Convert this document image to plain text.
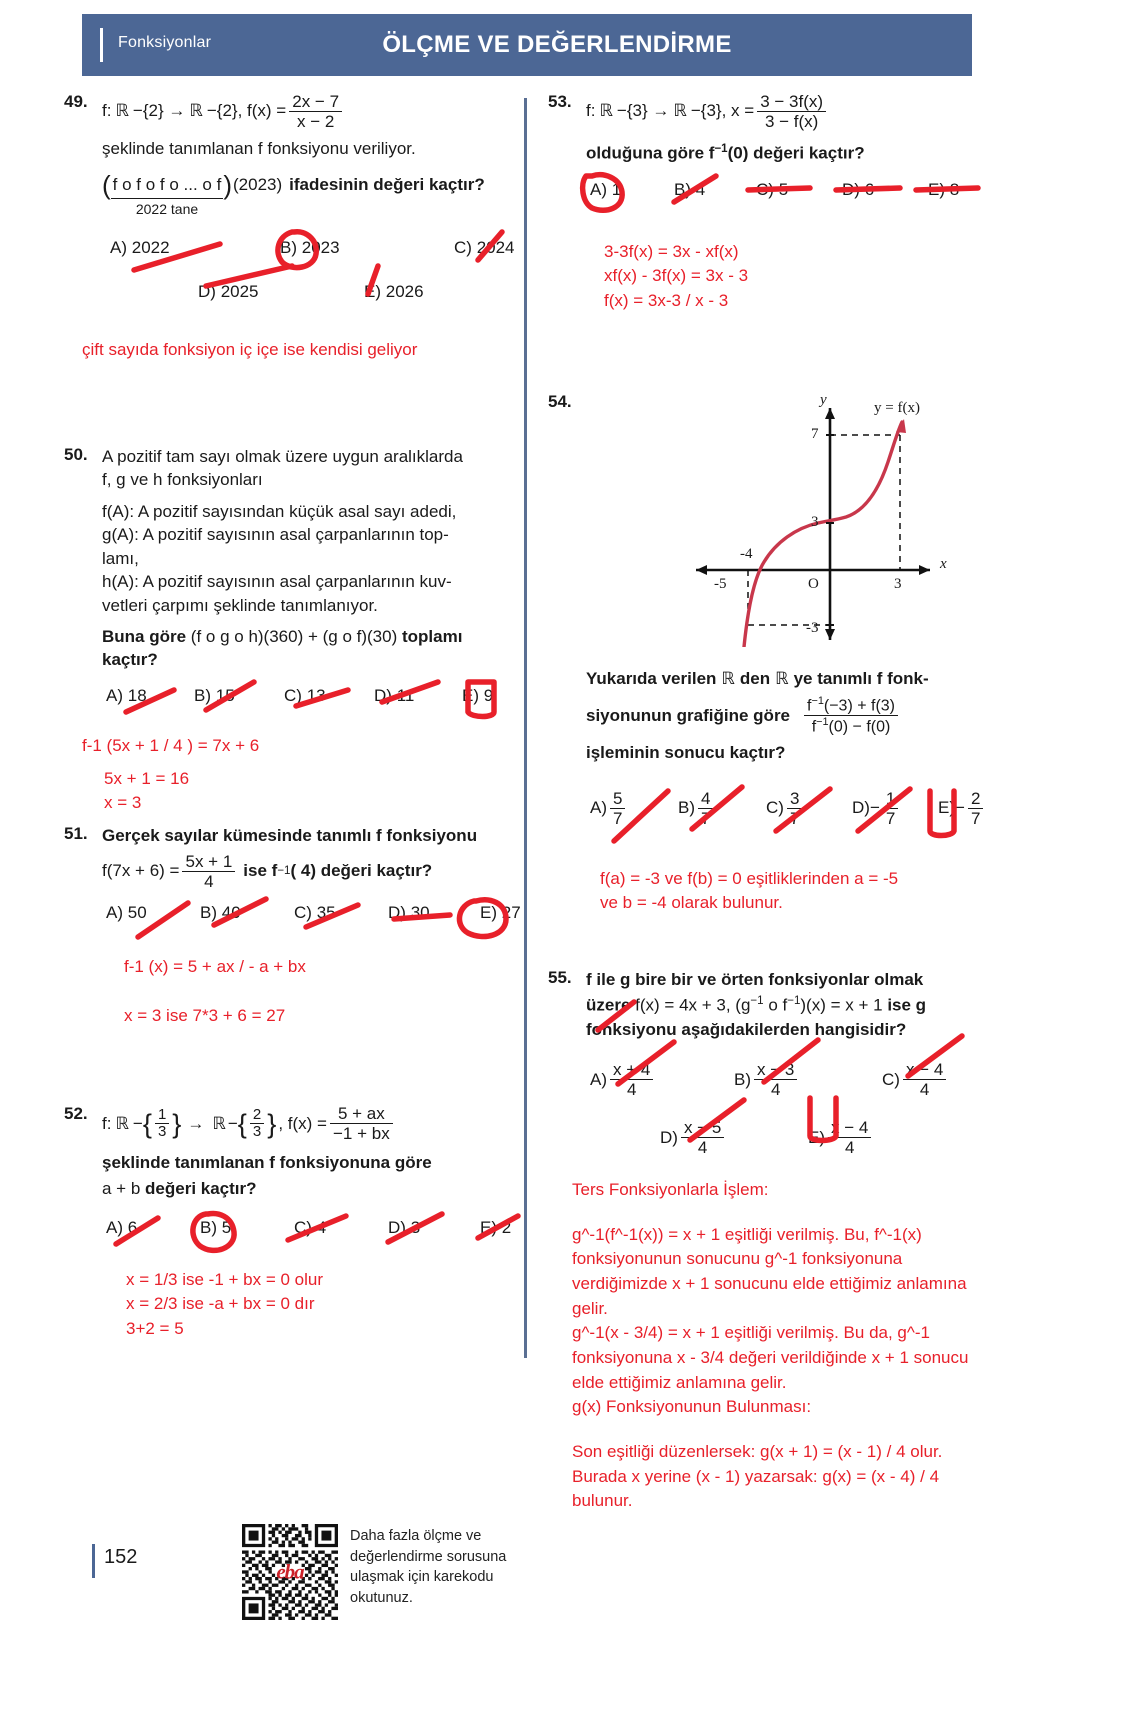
Fonksiyonlar	ÖLÇME VE DEĞERLENDİRME
49. f: ℝ −{2} → ℝ −{2}, $f(x) = \frac{2x - 7}{x - 2}$
şeklinde tanımlanan f fonksiyonu veriliyor.
( f o f o f o ... o f
2022 tane
) (2023) ifadesinin değeri kaçtır?
A) 2022	B) 2023	C) 2024
D) 2025	E) 2026
çift sayıda fonksiyon iç içe ise kendisi geliyor
50. A pozitif tam sayı olmak üzere uygun aralıklarda
f, g ve h fonksiyonları
f(A): A pozitif sayısından küçük asal sayı adedi,
g(A): A pozitif sayısının asal çarpanlarının top-
lamı,
h(A): A pozitif sayısının asal çarpanlarının kuv-
vetleri çarpımı şeklinde tanımlanıyor.
Buna göre (f o g o h)(360) + (g o f)(30) toplamı
kaçtır?
A) 18	B) 15	C) 13	D) 11	E) 9
f-1 (5x + 1 / 4 ) = 7x + 6
5x + 1 = 16
x = 3
51. Gerçek sayılar kümesinde tanımlı f fonksiyonu
$f(7x + 6) = \frac{5x + 1}{4}$ ise f −1 ( 4) değeri kaçtır?
A) 50	B) 40	C) 35	D) 30	E) 27
f-1 (x) = 5 + ax / - a + bx
x = 3 ise 7*3 + 6 = 27
52. f: ℝ − { $\frac{1}{3}$ } → ℝ − { $\frac{2}{3}$ } , $f(x) = \frac{5 + ax}{-1 + bx}$
şeklinde tanımlanan f fonksiyonuna göre
a + b değeri kaçtır?
A) 6	B) 5	C) 4	D) 3	E) 2
x = 1/3 ise -1 + bx = 0 olur
x = 2/3 ise -a + bx = 0 dır
3+2 = 5
152
eba
Daha fazla ölçme ve değerlendirme sorusuna ulaşmak için karekodu okutunuz.
53. f: ℝ −{3} → ℝ −{3}, $x = \frac{3 - 3f(x)}{3 - f(x)}$
olduğuna göre $f^{-1}(0)$ değeri kaçtır?
A) 1	B) 4	C) 5	D) 6	E) 8
3-3f(x) = 3x - xf(x)
xf(x) - 3f(x) = 3x - 3
f(x) = 3x-3 / x - 3
54.	y
x
y = f(x)
7
3
-3
3
-4
-5	O
Yukarıda verilen ℝ den ℝ ye tanımlı f fonk-
siyonunun grafiğine göre $\frac{f^{-1}(-3) + f(3)}{f^{-1}(0) - f(0)}$
işleminin sonucu kaçtır?
$A) \frac{5}{7}$	$B) \frac{4}{7}$	$C) \frac{3}{7}$	$D) - \frac{1}{7} E) - \frac{2}{7}$
f(a) = -3 ve f(b) = 0 eşitliklerinden a = -5
ve b = -4 olarak bulunur.
55. f ile g bire bir ve örten fonksiyonlar olmak
üzere f(x) = 4x + 3, ($g^{-1}$ o $f^{-1})(x) = x + 1$ ise g
fonksiyonu aşağıdakilerden hangisidir?
$A) \frac{x + 4}{4}$	$B) \frac{x - 3}{4}$	$C) \frac{x - 4}{4}$
$D) \frac{x - 5}{4}$	$E) \frac{x - 4}{4}$
Ters Fonksiyonlarla İşlem:
g^-1(f^-1(x)) = x + 1 eşitliği verilmiş. Bu, f^-1(x)
fonksiyonunun sonucunu g^-1 fonksiyonuna
verdiğimizde x + 1 sonucunu elde ettiğimiz anlamına
gelir.
g^-1(x - 3/4) = x + 1 eşitliği verilmiş. Bu da, g^-1
fonksiyonuna x - 3/4 değeri verildiğinde x + 1 sonucu
elde ettiğimiz anlamına gelir.
g(x) Fonksiyonunun Bulunması:
Son eşitliği düzenlersek: g(x + 1) = (x - 1) / 4 olur.
Burada x yerine (x - 1) yazarsak: g(x) = (x - 4) / 4
bulunur.
